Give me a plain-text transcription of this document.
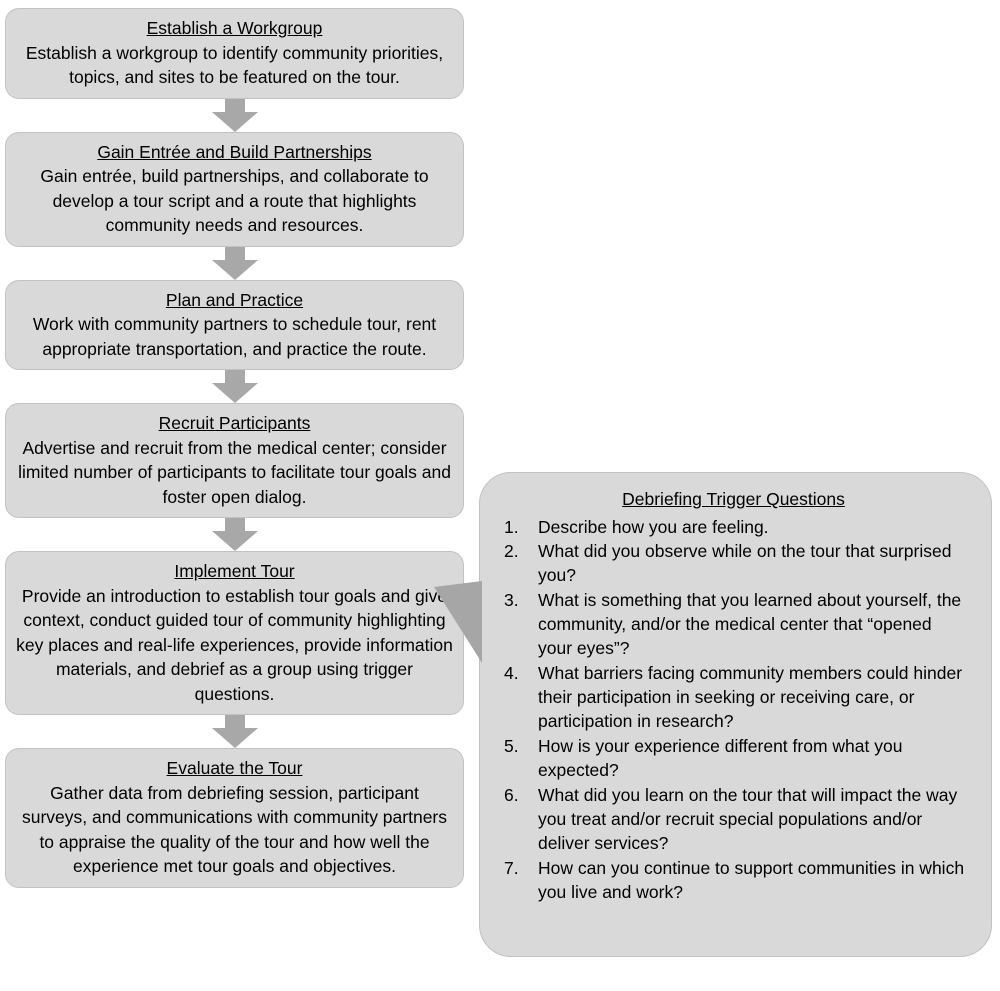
Establish a Workgroup
Establish a workgroup to identify community priorities, topics, and sites to be featured on the tour.
Gain Entrée and Build Partnerships
Gain entrée, build partnerships, and collaborate to develop a tour script and a route that highlights community needs and resources.
Plan and Practice
Work with community partners to schedule tour, rent appropriate transportation, and practice the route.
Recruit Participants
Advertise and recruit from the medical center; consider limited number of participants to facilitate tour goals and foster open dialog.
Implement Tour
Provide an introduction to establish tour goals and give context, conduct guided tour of community highlighting key places and real-life experiences, provide information materials, and debrief as a group using trigger questions.
Evaluate the Tour
Gather data from debriefing session, participant surveys, and communications with community partners to appraise the quality of the tour and how well the experience met tour goals and objectives.
Debriefing Trigger Questions
1.	Describe how you are feeling.
2.	What did you observe while on the tour that surprised you?
3.	What is something that you learned about yourself, the community, and/or the medical center that “opened your eyes”?
4.	What barriers facing community members could hinder their participation in seeking or receiving care, or participation in research?
5.	How is your experience different from what you expected?
6.	What did you learn on the tour that will impact the way you treat and/or recruit special populations and/or deliver services?
7.	How can you continue to support communities in which you live and work?
